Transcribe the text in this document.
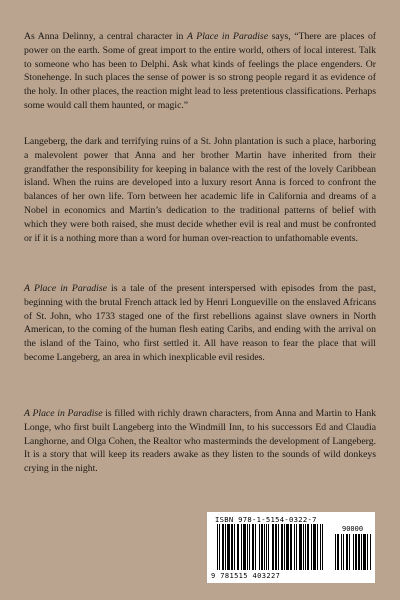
As Anna Delinny, a central character in A Place in Paradise says, “There are places of power on the earth. Some of great import to the entire world, others of local interest. Talk to someone who has been to Delphi. Ask what kinds of feelings the place engenders. Or Stonehenge. In such places the sense of power is so strong people regard it as evidence of the holy. In other places, the reaction might lead to less pretentious classifications. Perhaps some would call them haunted, or magic.”

Langeberg, the dark and terrifying ruins of a St. John plantation is such a place, harboring a malevolent power that Anna and her brother Martin have inherited from their grandfather the responsibility for keeping in balance with the rest of the lovely Caribbean island. When the ruins are developed into a luxury resort Anna is forced to confront the balances of her own life. Torn between her academic life in California and dreams of a Nobel in economics and Martin’s dedication to the traditional patterns of belief with which they were both raised, she must decide whether evil is real and must be confronted or if it is a nothing more than a word for human over-reaction to unfathomable events.

A Place in Paradise is a tale of the present interspersed with episodes from the past, beginning with the brutal French attack led by Henri Longueville on the enslaved Africans of St. John, who 1733 staged one of the first rebellions against slave owners in North American, to the coming of the human flesh eating Caribs, and ending with the arrival on the island of the Taino, who first settled it. All have reason to fear the place that will become Langeberg, an area in which inexplicable evil resides.

A Place in Paradise is filled with richly drawn characters, from Anna and Martin to Hank Longe, who first built Langeberg into the Windmill Inn, to his successors Ed and Claudia Langhorne, and Olga Cohen, the Realtor who masterminds the development of Langeberg. It is a story that will keep its readers awake as they listen to the sounds of wild donkeys crying in the night.

ISBN 978-1-5154-0322-7
90000
9 781515 403227
